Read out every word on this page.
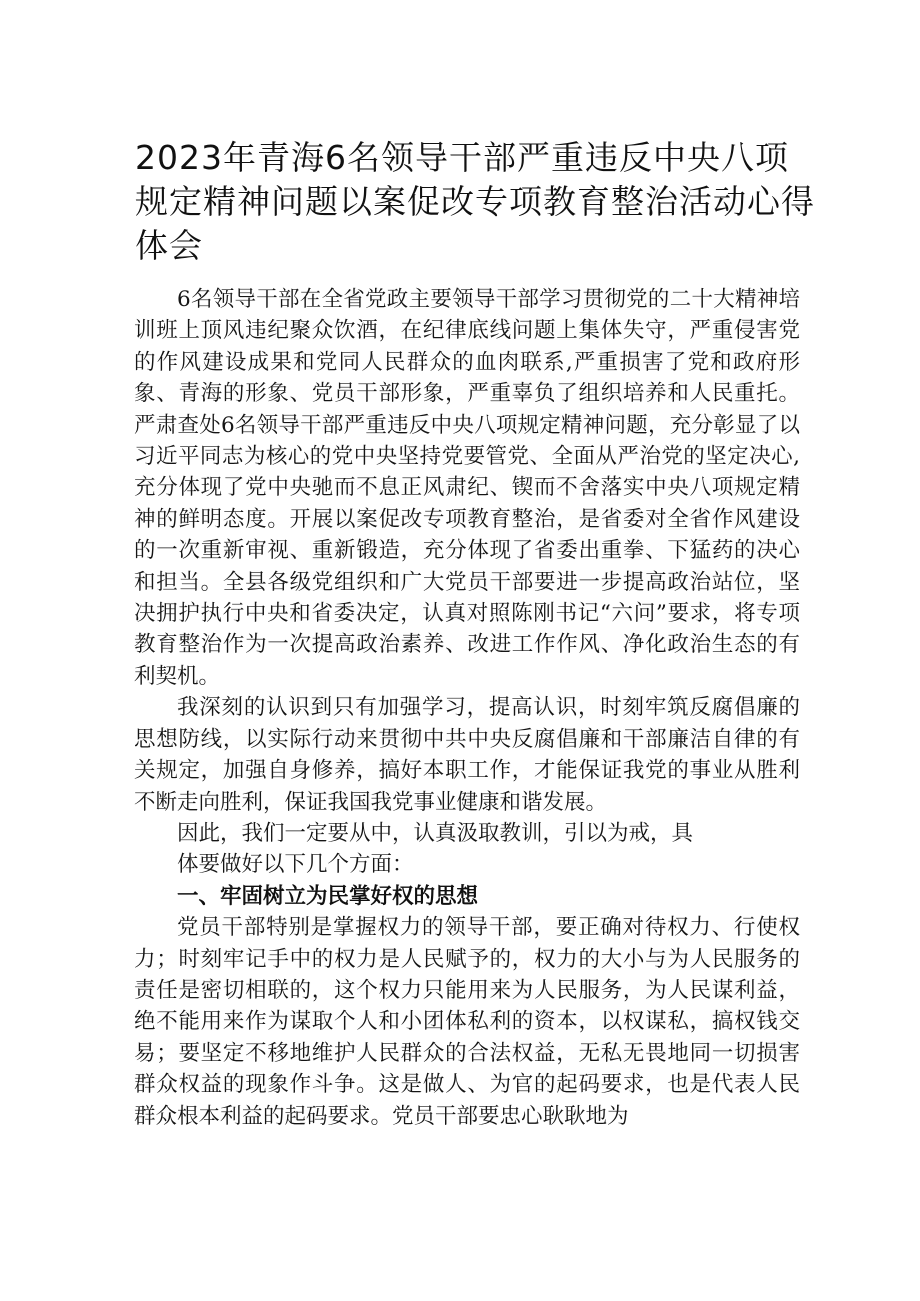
2023年青海6名领导干部严重违反中央八项规定精神问题以案促改专项教育整治活动心得体会

6名领导干部在全省党政主要领导干部学习贯彻党的二十大精神培训班上顶风违纪聚众饮酒，在纪律底线问题上集体失守，严重侵害党的作风建设成果和党同人民群众的血肉联系,严重损害了党和政府形象、青海的形象、党员干部形象，严重辜负了组织培养和人民重托。严肃查处6名领导干部严重违反中央八项规定精神问题，充分彰显了以习近平同志为核心的党中央坚持党要管党、全面从严治党的坚定决心,充分体现了党中央驰而不息正风肃纪、锲而不舍落实中央八项规定精神的鲜明态度。开展以案促改专项教育整治，是省委对全省作风建设的一次重新审视、重新锻造，充分体现了省委出重拳、下猛药的决心和担当。全县各级党组织和广大党员干部要进一步提高政治站位，坚决拥护执行中央和省委决定，认真对照陈刚书记“六问”要求，将专项教育整治作为一次提高政治素养、改进工作作风、净化政治生态的有利契机。

我深刻的认识到只有加强学习，提高认识，时刻牢筑反腐倡廉的思想防线，以实际行动来贯彻中共中央反腐倡廉和干部廉洁自律的有关规定，加强自身修养，搞好本职工作，才能保证我党的事业从胜利不断走向胜利，保证我国我党事业健康和谐发展。

因此，我们一定要从中，认真汲取教训，引以为戒，具

体要做好以下几个方面：

一、牢固树立为民掌好权的思想

党员干部特别是掌握权力的领导干部，要正确对待权力、行使权力；时刻牢记手中的权力是人民赋予的，权力的大小与为人民服务的责任是密切相联的，这个权力只能用来为人民服务，为人民谋利益，绝不能用来作为谋取个人和小团体私利的资本，以权谋私，搞权钱交易；要坚定不移地维护人民群众的合法权益，无私无畏地同一切损害群众权益的现象作斗争。这是做人、为官的起码要求，也是代表人民群众根本利益的起码要求。党员干部要忠心耿耿地为
